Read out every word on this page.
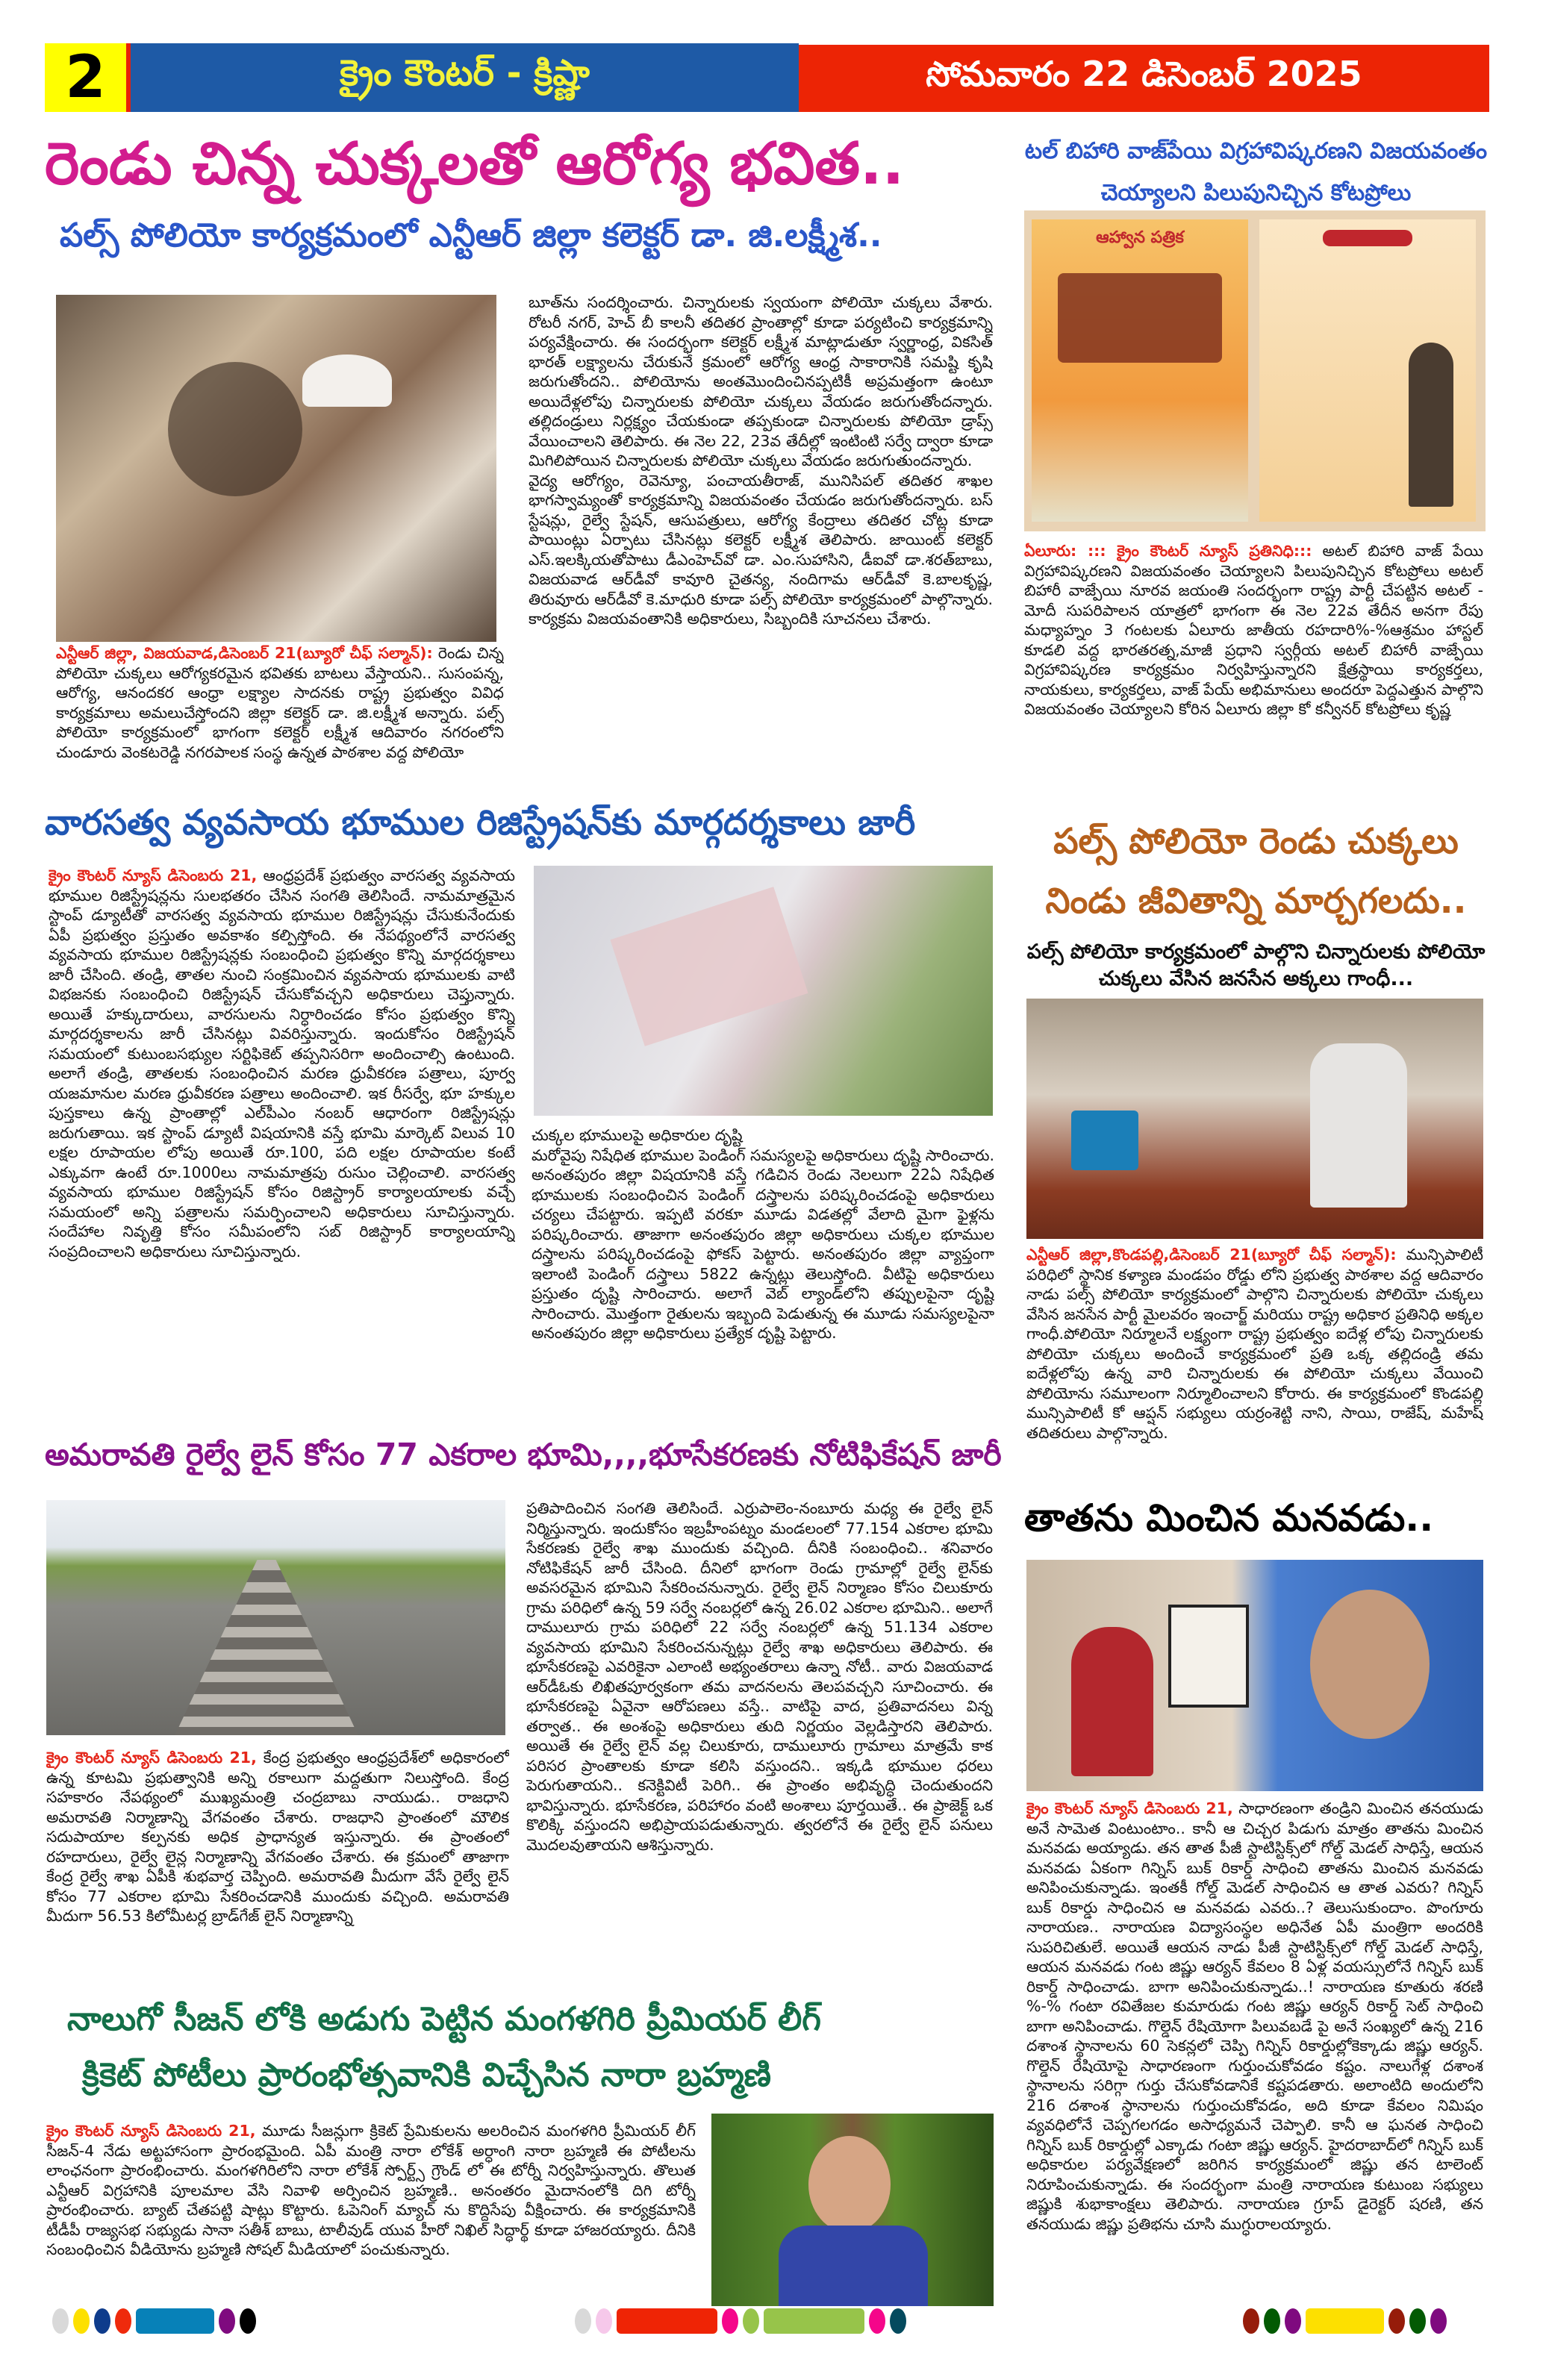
2	క్రైం కౌంటర్ - క్రిష్ణా	సోమవారం 22 డిసెంబర్ 2025
రెండు చిన్న చుక్కలతో ఆరోగ్య భవిత..
పల్స్ పోలియో కార్యక్రమంలో ఎన్టీఆర్ జిల్లా కలెక్టర్ డా. జి.లక్ష్మీశ..

ఎన్టీఆర్ జిల్లా, విజయవాడ,డిసెంబర్ 21(బ్యూరో చీఫ్ సల్మాన్): రెండు చిన్న పోలియో చుక్కలు ఆరోగ్యకరమైన భవితకు బాటలు వేస్తాయని.. సుసంపన్న, ఆరోగ్య, ఆనందకర ఆంధ్రా లక్ష్యాల సాదనకు రాష్ట్ర ప్రభుత్వం వివిధ కార్యక్రమాలు అమలుచేస్తోందని జిల్లా కలెక్టర్ డా. జి.లక్ష్మీశ అన్నారు. పల్స్ పోలియో కార్యక్రమంలో భాగంగా కలెక్టర్ లక్ష్మీశ ఆదివారం నగరంలోని చుండూరు వెంకటరెడ్డి నగరపాలక సంస్థ ఉన్నత పాఠశాల వద్ద పోలియో

బూత్‌ను సందర్శించారు. చిన్నారులకు స్వయంగా పోలియో చుక్కలు వేశారు. రోటరీ నగర్, హెచ్ బీ కాలనీ తదితర ప్రాంతాల్లో కూడా పర్యటించి కార్యక్రమాన్ని పర్యవేక్షించారు. ఈ సందర్భంగా కలెక్టర్ లక్ష్మీశ మాట్లాడుతూ స్వర్ణాంధ్ర, వికసిత్ భారత్ లక్ష్యాలను చేరుకునే క్రమంలో ఆరోగ్య ఆంధ్ర సాకారానికి సమష్టి కృషి జరుగుతోందని.. పోలియోను అంతమొందించినప్పటికీ అప్రమత్తంగా ఉంటూ అయిదేళ్లలోపు చిన్నారులకు పోలియో చుక్కలు వేయడం జరుగుతోందన్నారు. తల్లిదండ్రులు నిర్లక్ష్యం చేయకుండా తప్పకుండా చిన్నారులకు పోలియో డ్రాప్స్ వేయించాలని తెలిపారు. ఈ నెల 22, 23వ తేదీల్లో ఇంటింటి సర్వే ద్వారా కూడా మిగిలిపోయిన చిన్నారులకు పోలియో చుక్కలు వేయడం జరుగుతుందన్నారు.

వైద్య ఆరోగ్యం, రెవెన్యూ, పంచాయతీరాజ్, మునిసిపల్ తదితర శాఖల భాగస్వామ్యంతో కార్యక్రమాన్ని విజయవంతం చేయడం జరుగుతోందన్నారు. బస్ స్టేషన్లు, రైల్వే స్టేషన్, ఆసుపత్రులు, ఆరోగ్య కేంద్రాలు తదితర చోట్ల కూడా పాయింట్లు ఏర్పాటు చేసినట్లు కలెక్టర్ లక్ష్మీశ తెలిపారు. జాయింట్ కలెక్టర్ ఎస్.ఇలక్కియతోపాటు డీఎంహెచ్‌వో డా. ఎం.సుహాసిని, డీఐవో డా.శరత్‌బాబు, విజయవాడ ఆర్‌డీవో కావూరి చైతన్య, నందిగామ ఆర్‌డీవో కె.బాలకృష్ణ, తిరువూరు ఆర్‌డీవో కె.మాధురి కూడా పల్స్ పోలియో కార్యక్రమంలో పాల్గొన్నారు. కార్యక్రమ విజయవంతానికి అధికారులు, సిబ్బందికి సూచనలు చేశారు.

టల్ బిహారి వాజ్‌పేయి విగ్రహావిష్కరణని విజయవంతం చెయ్యాలని పిలుపునిచ్చిన కోటప్రోలు
ఆహ్వాన పత్రిక

ఏలూరు: ::: క్రైం కౌంటర్ న్యూస్ ప్రతినిధి::: అటల్ బిహారి వాజ్ పేయి విగ్రహావిష్కరణని విజయవంతం చెయ్యాలని పిలుపునిచ్చిన కోటప్రోలు అటల్ బిహారీ వాజ్పేయి నూరవ జయంతి సందర్భంగా రాష్ట్ర పార్టీ చేపట్టిన అటల్ - మోదీ సుపరిపాలన యాత్రలో భాగంగా ఈ నెల 22వ తేదీన అనగా రేపు మధ్యాహ్నం 3 గంటలకు ఏలూరు జాతీయ రహదారి%-%ఆశ్రమం హాస్టల్ కూడలి వద్ద భారతరత్న,మాజీ ప్రధాని స్వర్గీయ అటల్ బిహారీ వాజ్పేయి విగ్రహావిష్కరణ కార్యక్రమం నిర్వహిస్తున్నారని క్షేత్రస్థాయి కార్యకర్తలు, నాయకులు, కార్యకర్తలు, వాజ్ పేయ్ అభిమానులు అందరూ పెద్దఎత్తున పాల్గొని విజయవంతం చెయ్యాలని కోరిన ఏలూరు జిల్లా కో కన్వీనర్ కోటప్రోలు కృష్ణ

వారసత్వ వ్యవసాయ భూముల రిజిస్ట్రేషన్‌కు మార్గదర్శకాలు జారీ

క్రైం కౌంటర్ న్యూస్ డిసెంబరు 21, ఆంధ్రప్రదేశ్ ప్రభుత్వం వారసత్వ వ్యవసాయ భూముల రిజిస్ట్రేషన్లను సులభతరం చేసిన సంగతి తెలిసిందే. నామమాత్రమైన స్టాంప్ డ్యూటీతో వారసత్వ వ్యవసాయ భూముల రిజిస్ట్రేషన్లు చేసుకునేందుకు ఏపీ ప్రభుత్వం ప్రస్తుతం అవకాశం కల్పిస్తోంది. ఈ నేపథ్యంలోనే వారసత్వ వ్యవసాయ భూముల రిజిస్ట్రేషన్లకు సంబంధించి ప్రభుత్వం కొన్ని మార్గదర్శకాలు జారీ చేసింది. తండ్రి, తాతల నుంచి సంక్రమించిన వ్యవసాయ భూములకు వాటి విభజనకు సంబంధించి రిజిస్ట్రేషన్ చేసుకోవచ్చని అధికారులు చెప్తున్నారు. అయితే హక్కుదారులు, వారసులను నిర్ధారించడం కోసం ప్రభుత్వం కొన్ని మార్గదర్శకాలను జారీ చేసినట్లు వివరిస్తున్నారు. ఇందుకోసం రిజిస్ట్రేషన్ సమయంలో కుటుంబసభ్యుల సర్టిఫికెట్ తప్పనిసరిగా అందించాల్సి ఉంటుంది. అలాగే తండ్రి, తాతలకు సంబంధించిన మరణ ధ్రువీకరణ పత్రాలు, పూర్వ యజమానుల మరణ ధ్రువీకరణ పత్రాలు అందించాలి. ఇక రీసర్వే, భూ హక్కుల పుస్తకాలు ఉన్న ప్రాంతాల్లో ఎల్‌పీఎం నంబర్ ఆధారంగా రిజిస్ట్రేషన్లు జరుగుతాయి. ఇక స్టాంప్ డ్యూటీ విషయానికి వస్తే భూమి మార్కెట్ విలువ 10 లక్షల రూపాయల లోపు అయితే రూ.100, పది లక్షల రూపాయల కంటే ఎక్కువగా ఉంటే రూ.1000లు నామమాత్రపు రుసుం చెల్లించాలి. వారసత్వ వ్యవసాయ భూముల రిజిస్ట్రేషన్ కోసం రిజిస్ట్రార్ కార్యాలయాలకు వచ్చే సమయంలో అన్ని పత్రాలను సమర్పించాలని అధికారులు సూచిస్తున్నారు. సందేహాల నివృత్తి కోసం సమీపంలోని సబ్ రిజిస్ట్రార్ కార్యాలయాన్ని సంప్రదించాలని అధికారులు సూచిస్తున్నారు.

చుక్కల భూములపై అధికారుల దృష్టి

మరోవైపు నిషేధిత భూముల పెండింగ్ సమస్యలపై అధికారులు దృష్టి సారించారు. అనంతపురం జిల్లా విషయానికి వస్తే గడిచిన రెండు నెలలుగా 22ఏ నిషేధిత భూములకు సంబంధించిన పెండింగ్ దస్త్రాలను పరిష్కరించడంపై అధికారులు చర్యలు చేపట్టారు. ఇప్పటి వరకూ మూడు విడతల్లో వేలాది మైగా ఫైళ్లను పరిష్కరించారు. తాజాగా అనంతపురం జిల్లా అధికారులు చుక్కల భూముల దస్త్రాలను పరిష్కరించడంపై ఫోకస్ పెట్టారు. అనంతపురం జిల్లా వ్యాప్తంగా ఇలాంటి పెండింగ్ దస్త్రాలు 5822 ఉన్నట్లు తెలుస్తోంది. వీటిపై అధికారులు ప్రస్తుతం దృష్టి సారించారు. అలాగే వెబ్ ల్యాండ్‌లోని తప్పులపైనా దృష్టి సారించారు. మొత్తంగా రైతులను ఇబ్బంది పెడుతున్న ఈ మూడు సమస్యలపైనా అనంతపురం జిల్లా అధికారులు ప్రత్యేక దృష్టి పెట్టారు.

పల్స్ పోలియో రెండు చుక్కలు నిండు జీవితాన్ని మార్చగలదు..
పల్స్ పోలియో కార్యక్రమంలో పాల్గొని చిన్నారులకు పోలియో చుక్కలు వేసిన జనసేన అక్కలు గాంధీ...

ఎన్టీఆర్ జిల్లా,కొండపల్లి,డిసెంబర్ 21(బ్యూరో చీఫ్ సల్మాన్): మున్సిపాలిటీ పరిధిలో స్థానిక కళ్యాణ మండపం రోడ్డు లోని ప్రభుత్వ పాఠశాల వద్ద ఆదివారం నాడు పల్స్ పోలియో కార్యక్రమంలో పాల్గొని చిన్నారులకు పోలియో చుక్కలు వేసిన జనసేన పార్టీ మైలవరం ఇంచార్జ్ మరియు రాష్ట్ర అధికార ప్రతినిధి అక్కల గాంధీ.పోలియో నిర్మూలనే లక్ష్యంగా రాష్ట్ర ప్రభుత్వం ఐదేళ్ల లోపు చిన్నారులకు పోలియో చుక్కలు అందించే కార్యక్రమంలో ప్రతి ఒక్క తల్లిదండ్రి తమ ఐదేళ్లలోపు ఉన్న వారి చిన్నారులకు ఈ పోలియో చుక్కలు వేయించి పోలియోను సమూలంగా నిర్మూలించాలని కోరారు. ఈ కార్యక్రమంలో కొండపల్లి మున్సిపాలిటీ కో ఆప్షన్ సభ్యులు యర్రంశెట్టి నాని, సాయి, రాజేష్, మహేష్ తదితరులు పాల్గొన్నారు.

అమరావతి రైల్వే లైన్ కోసం 77 ఎకరాల భూమి,,,,భూసేకరణకు నోటిఫికేషన్ జారీ

క్రైం కౌంటర్ న్యూస్ డిసెంబరు 21, కేంద్ర ప్రభుత్వం ఆంధ్రప్రదేశ్‌లో అధికారంలో ఉన్న కూటమి ప్రభుత్వానికి అన్ని రకాలుగా మద్దతుగా నిలుస్తోంది. కేంద్ర సహకారం నేపథ్యంలో ముఖ్యమంత్రి చంద్రబాబు నాయుడు.. రాజధాని అమరావతి నిర్మాణాన్ని వేగవంతం చేశారు. రాజధాని ప్రాంతంలో మౌలిక సదుపాయాల కల్పనకు అధిక ప్రాధాన్యత ఇస్తున్నారు. ఈ ప్రాంతంలో రహదారులు, రైల్వే లైన్ల నిర్మాణాన్ని వేగవంతం చేశారు. ఈ క్రమంలో తాజాగా కేంద్ర రైల్వే శాఖ ఏపీకి శుభవార్త చెప్పింది. అమరావతి మీదుగా వేసే రైల్వే లైన్ కోసం 77 ఎకరాల భూమి సేకరించడానికి ముందుకు వచ్చింది. అమరావతి మీదుగా 56.53 కిలోమీటర్ల బ్రాడ్‌గేజ్ లైన్ నిర్మాణాన్ని

ప్రతిపాదించిన సంగతి తెలిసిందే. ఎర్రుపాలెం-నంబూరు మధ్య ఈ రైల్వే లైన్ నిర్మిస్తున్నారు. ఇందుకోసం ఇబ్రహీంపట్నం మండలంలో 77.154 ఎకరాల భూమి సేకరణకు రైల్వే శాఖ ముందుకు వచ్చింది. దీనికి సంబంధించి.. శనివారం నోటిఫికేషన్ జారీ చేసింది. దీనిలో భాగంగా రెండు గ్రామాల్లో రైల్వే లైన్‌కు అవసరమైన భూమిని సేకరించనున్నారు. రైల్వే లైన్ నిర్మాణం కోసం చిలుకూరు గ్రామ పరిధిలో ఉన్న 59 సర్వే నంబర్లలో ఉన్న 26.02 ఎకరాల భూమిని.. అలాగే దాములూరు గ్రామ పరిధిలో 22 సర్వే నంబర్లలో ఉన్న 51.134 ఎకరాల వ్యవసాయ భూమిని సేకరించనున్నట్లు రైల్వే శాఖ అధికారులు తెలిపారు. ఈ భూసేకరణపై ఎవరికైనా ఎలాంటి అభ్యంతరాలు ఉన్నా నోటీ.. వారు విజయవాడ ఆర్‌డీఓకు లిఖితపూర్వకంగా తమ వాదనలను తెలపవచ్చని సూచించారు. ఈ భూసేకరణపై ఏవైనా ఆరోపణలు వస్తే.. వాటిపై వాద, ప్రతివాదనలు విన్న తర్వాత.. ఈ అంశంపై అధికారులు తుది నిర్ణయం వెల్లడిస్తారని తెలిపారు. అయితే ఈ రైల్వే లైన్ వల్ల చిలుకూరు, దాములూరు గ్రామాలు మాత్రమే కాక పరిసర ప్రాంతాలకు కూడా కలిసి వస్తుందని.. ఇక్కడి భూముల ధరలు పెరుగుతాయని.. కనెక్టివిటీ పెరిగి.. ఈ ప్రాంతం అభివృద్ధి చెందుతుందని భావిస్తున్నారు. భూసేకరణ, పరిహారం వంటి అంశాలు పూర్తయితే.. ఈ ప్రాజెక్ట్ ఒక కొలిక్కి వస్తుందని అభిప్రాయపడుతున్నారు. త్వరలోనే ఈ రైల్వే లైన్ పనులు మొదలవుతాయని ఆశిస్తున్నారు.

తాతను మించిన మనవడు..

క్రైం కౌంటర్ న్యూస్ డిసెంబరు 21, సాధారణంగా తండ్రిని మించిన తనయుడు అనే సామెత వింటుంటాం.. కానీ ఆ చిచ్చర పిడుగు మాత్రం తాతను మించిన మనవడు అయ్యాడు. తన తాత పీజీ స్టాటిస్టిక్స్‌లో గోల్డ్ మెడల్ సాధిస్తే, ఆయన మనవడు ఏకంగా గిన్నిస్ బుక్ రికార్డ్ సాధించి తాతను మించిన మనవడు అనిపించుకున్నాడు. ఇంతకీ గోల్డ్ మెడల్ సాధించిన ఆ తాత ఎవరు? గిన్నిస్ బుక్ రికార్డు సాధించిన ఆ మనవడు ఎవరు..? తెలుసుకుందాం. పొంగూరు నారాయణ.. నారాయణ విద్యాసంస్థల అధినేత ఏపీ మంత్రిగా అందరికి సుపరిచితులే. అయితే ఆయన నాడు పీజీ స్టాటిస్టిక్స్‌లో గోల్డ్ మెడల్ సాధిస్తే, ఆయన మనవడు గంట జిష్ణు ఆర్యన్ కేవలం 8 ఏళ్ల వయస్సులోనే గిన్నిస్ బుక్ రికార్డ్ సాధించాడు. బాగా అనిపించుకున్నాడు..! నారాయణ కూతురు శరణి %-% గంటా రవితేజల కుమారుడు గంట జిష్ణు ఆర్యన్ రికార్డ్ సెట్ సాధించి బాగా అనిపించాడు. గొల్డెన్ రేషియోగా పిలువబడే పై అనే సంఖ్యలో ఉన్న 216 దశాంశ స్థానాలను 60 సెకన్లలో చెప్పి గిన్నిస్ రికార్డుల్లోకెక్కాడు జిష్ణు ఆర్యన్. గొల్డెన్ రేషియోపై సాధారణంగా గుర్తుంచుకోవడం కష్టం. నాలుగేళ్ల దశాంశ స్థానాలను సరిగ్గా గుర్తు చేసుకోవడానికే కష్టపడతారు. అలాంటిది అందులోని 216 దశాంశ స్థానాలను గుర్తుంచుకోవడం, అది కూడా కేవలం నిమిషం వ్యవధిలోనే చెప్పగలగడం అసాధ్యమనే చెప్పాలి. కానీ ఆ ఘనత సాధించి గిన్నిస్ బుక్ రికార్డుల్లో ఎక్కాడు గంటా జిష్ణు ఆర్యన్. హైదరాబాద్‌లో గిన్నిస్ బుక్ అధికారుల పర్యవేక్షణలో జరిగిన కార్యక్రమంలో జిష్ణు తన టాలెంట్ నిరూపించుకున్నాడు. ఈ సందర్భంగా మంత్రి నారాయణ కుటుంబ సభ్యులు జిష్ణుకి శుభాకాంక్షలు తెలిపారు. నారాయణ గ్రూప్ డైరెక్టర్ షరణి, తన తనయుడు జిష్ణు ప్రతిభను చూసి ముగ్ధురాలయ్యారు.

నాలుగో సీజన్ లోకి అడుగు పెట్టిన మంగళగిరి ప్రీమియర్ లీగ్
క్రికెట్ పోటీలు ప్రారంభోత్సవానికి విచ్చేసిన నారా బ్రహ్మణి

క్రైం కౌంటర్ న్యూస్ డిసెంబరు 21, మూడు సీజన్లుగా క్రికెట్ ప్రేమికులను అలరించిన మంగళగిరి ప్రీమియర్ లీగ్ సీజన్-4 నేడు అట్టహాసంగా ప్రారంభమైంది. ఏపీ మంత్రి నారా లోకేశ్ అర్ధాంగి నారా బ్రహ్మణి ఈ పోటీలను లాంఛనంగా ప్రారంభించారు. మంగళగిరిలోని నారా లోకేశ్ స్పోర్ట్స్ గ్రౌండ్ లో ఈ టోర్నీ నిర్వహిస్తున్నారు. తొలుత ఎన్టీఆర్ విగ్రహానికి పూలమాల వేసి నివాళి అర్పించిన బ్రహ్మణి.. అనంతరం మైదానంలోకి దిగి టోర్నీ ప్రారంభించారు. బ్యాట్ చేతపట్టి షాట్లు కొట్టారు. ఓపెనింగ్ మ్యాచ్ ను కొద్దిసేపు వీక్షించారు. ఈ కార్యక్రమానికి టీడీపీ రాజ్యసభ సభ్యుడు సానా సతీశ్ బాబు, టాలీవుడ్ యువ హీరో నిఖిల్ సిద్ధార్థ్ కూడా హాజరయ్యారు. దీనికి సంబంధించిన వీడియోను బ్రహ్మణి సోషల్ మీడియాలో పంచుకున్నారు.
